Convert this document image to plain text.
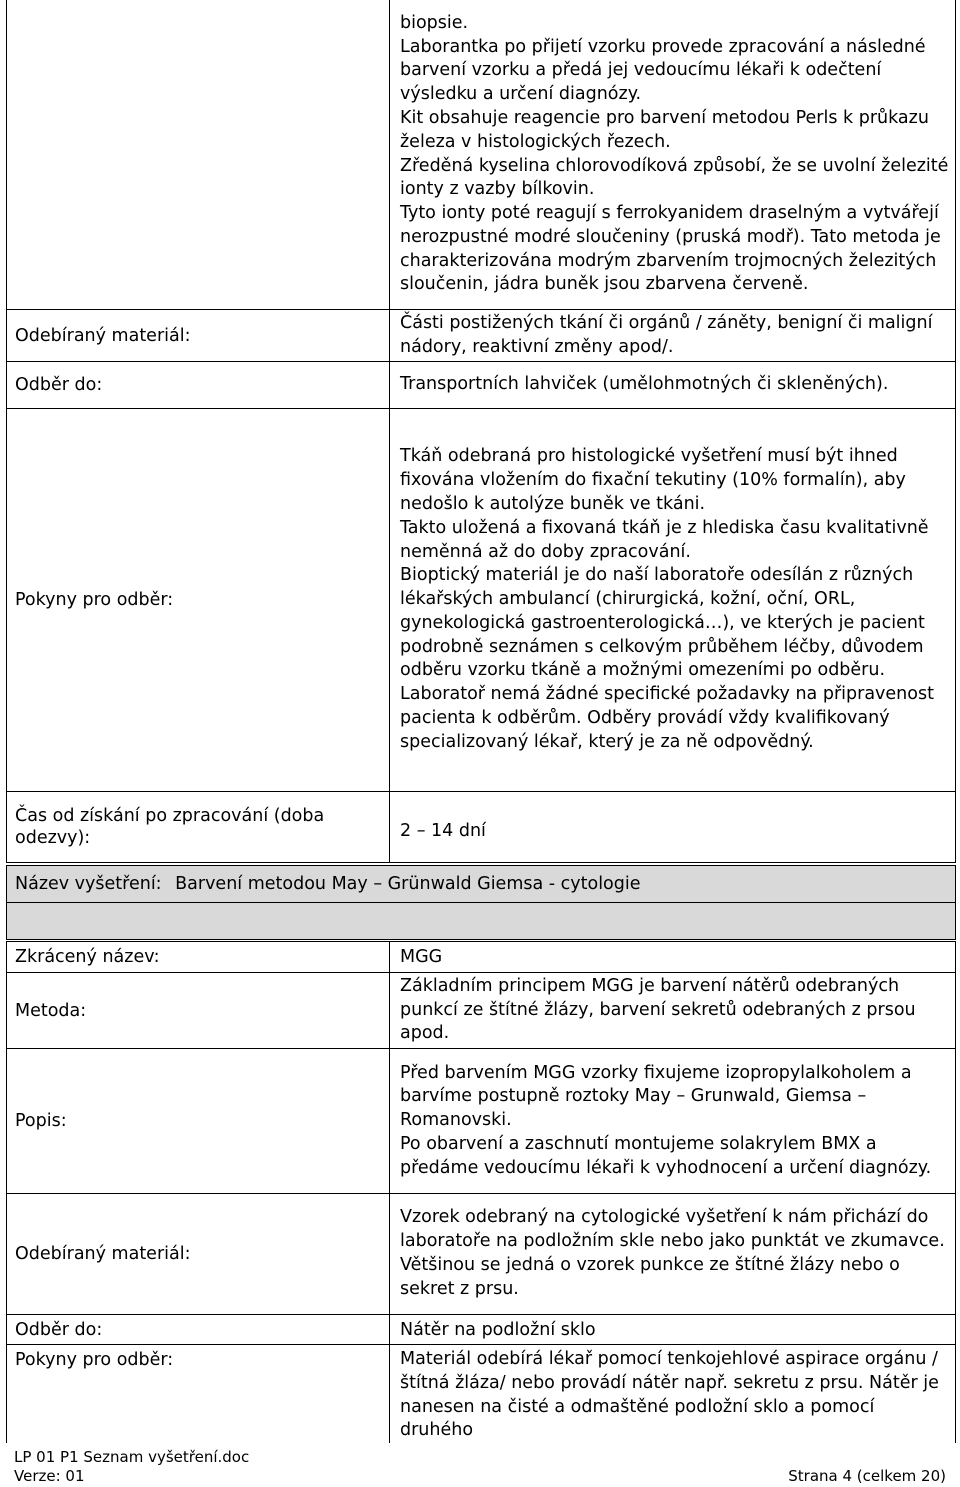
	biopsie.
Laborantka po přijetí vzorku provede zpracování a následné barvení vzorku a předá jej vedoucímu lékaři k odečtení výsledku a určení diagnózy.
Kit obsahuje reagencie pro barvení metodou Perls k průkazu železa v histologických řezech.
Zředěná kyselina chlorovodíková způsobí, že se uvolní železité ionty z vazby bílkovin.
Tyto ionty poté reagují s ferrokyanidem draselným a vytvářejí nerozpustné modré sloučeniny (pruská modř). Tato metoda je charakterizována modrým zbarvením trojmocných železitých sloučenin, jádra buněk jsou zbarvena červeně.

Odebíraný materiál:	Části postižených tkání či orgánů / záněty, benigní či maligní nádory, reaktivní změny apod/.

Odběr do:	Transportních lahviček (umělohmotných či skleněných).

Pokyny pro odběr:	Tkáň odebraná pro histologické vyšetření musí být ihned fixována vložením do fixační tekutiny (10% formalín), aby nedošlo k autolýze buněk ve tkáni.
Takto uložená a fixovaná tkáň je z hlediska času kvalitativně neměnná až do doby zpracování.
Bioptický materiál je do naší laboratoře odesílán z různých lékařských ambulancí (chirurgická, kožní, oční, ORL, gynekologická gastroenterologická…), ve kterých je pacient podrobně seznámen s celkovým průběhem léčby, důvodem odběru vzorku tkáně a možnými omezeními po odběru.
Laboratoř nemá žádné specifické požadavky na připravenost pacienta k odběrům. Odběry provádí vždy kvalifikovaný specializovaný lékař, který je za ně odpovědný.

Čas od získání po zpracování (doba odezvy):	2 – 14 dní
Název vyšetření: Barvení metodou May – Grünwald Giemsa - cytologie

Zkrácený název:	MGG
Metoda:	Základním principem MGG je barvení nátěrů odebraných punkcí ze štítné žlázy, barvení sekretů odebraných z prsou apod.

Popis:	Před barvením MGG vzorky fixujeme izopropylalkoholem a barvíme postupně roztoky May – Grunwald, Giemsa – Romanovski.
Po obarvení a zaschnutí montujeme solakrylem BMX a předáme vedoucímu lékaři k vyhodnocení a určení diagnózy.

Odebíraný materiál:	Vzorek odebraný na cytologické vyšetření k nám přichází do laboratoře na podložním skle nebo jako punktát ve zkumavce.
Většinou se jedná o vzorek punkce ze štítné žlázy nebo o sekret z prsu.

Odběr do:	Nátěr na podložní sklo
Pokyny pro odběr:	Materiál odebírá lékař pomocí tenkojehlové aspirace orgánu / štítná žláza/ nebo provádí nátěr např. sekretu z prsu. Nátěr je nanesen na čisté a odmaštěné podložní sklo a pomocí druhého
LP 01 P1 Seznam vyšetření.doc
Verze: 01	Strana 4 (celkem 20)
